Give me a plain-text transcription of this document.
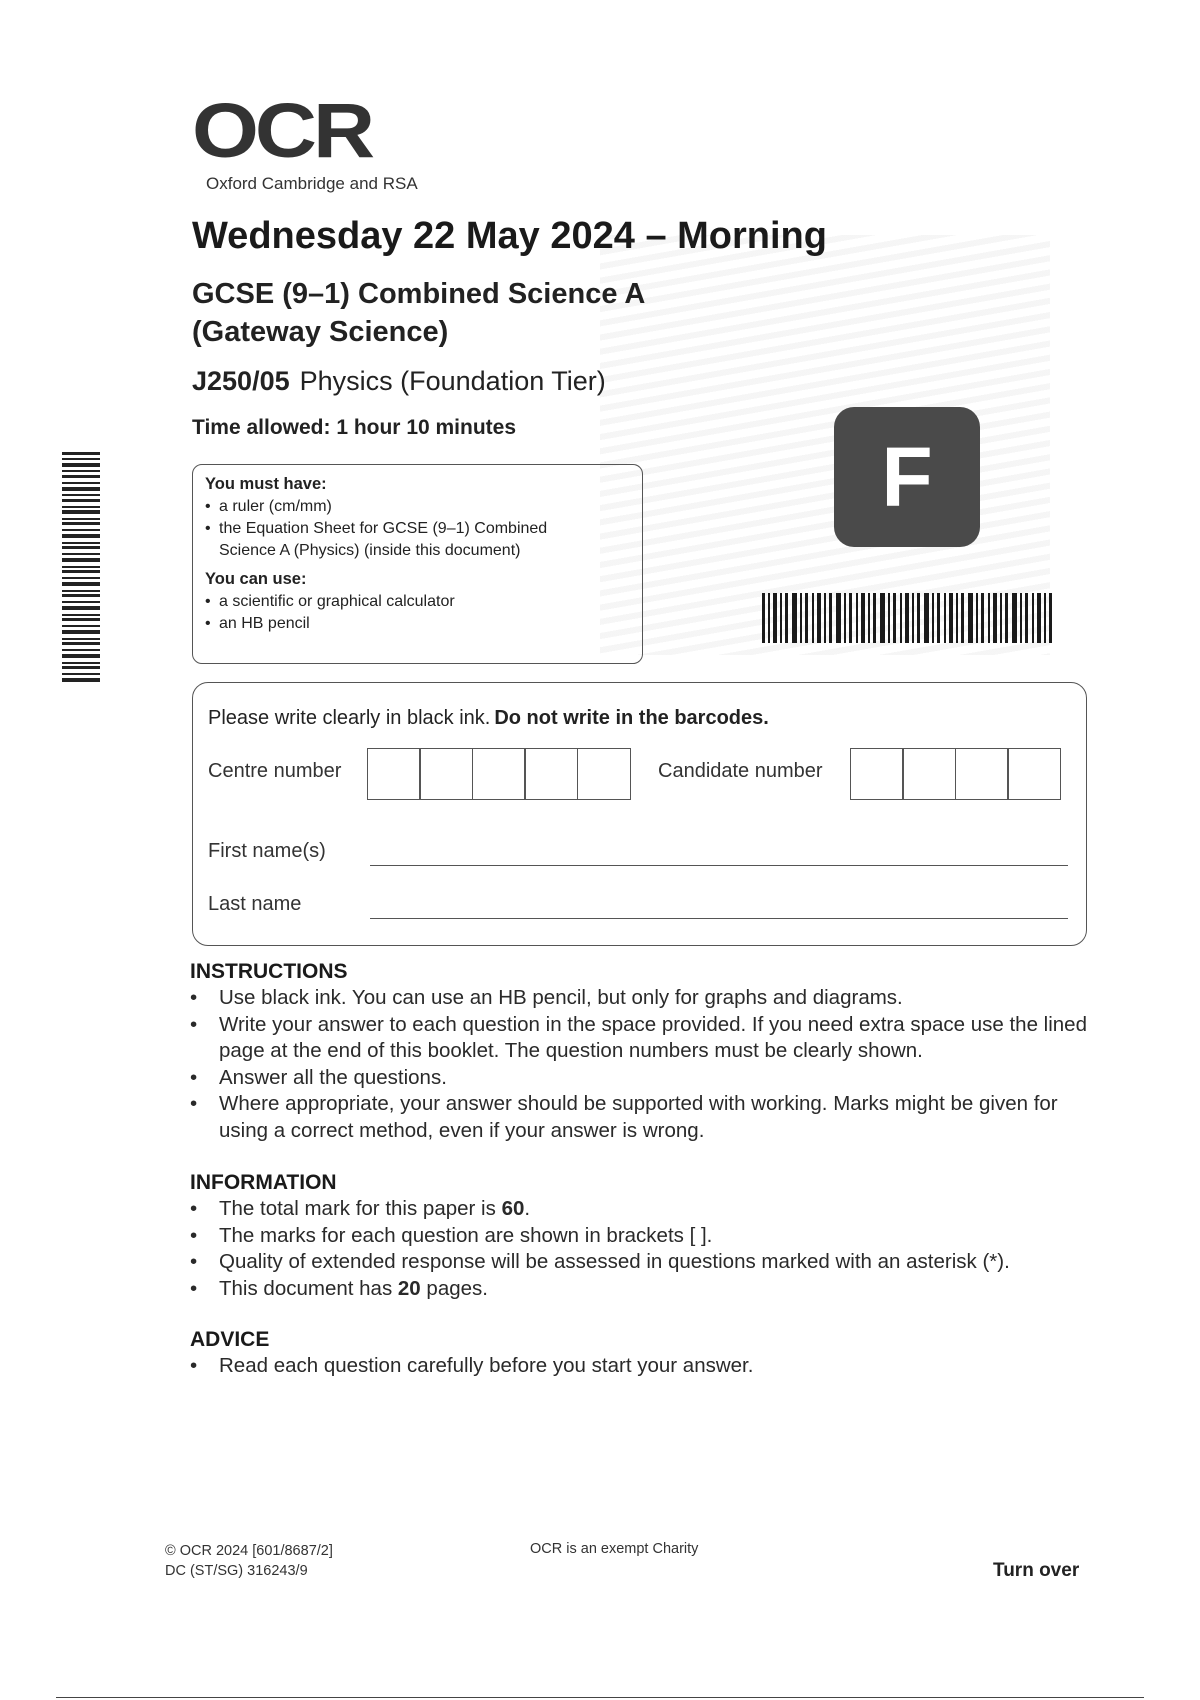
OCR
Oxford Cambridge and RSA
Wednesday 22 May 2024 – Morning
GCSE (9–1) Combined Science A
(Gateway Science)
J250/05 Physics (Foundation Tier)
Time allowed: 1 hour 10 minutes
F
You must have:
• a ruler (cm/mm)
• the Equation Sheet for GCSE (9–1) Combined
Science A (Physics) (inside this document)
You can use:
• a scientific or graphical calculator
• an HB pencil
Please write clearly in black ink. Do not write in the barcodes.
Centre number	Candidate number
First name(s)
Last name
INSTRUCTIONS
• Use black ink. You can use an HB pencil, but only for graphs and diagrams.
• Write your answer to each question in the space provided. If you need extra space use the lined page at the end of this booklet. The question numbers must be clearly shown.
• Answer all the questions.
• Where appropriate, your answer should be supported with working. Marks might be given for using a correct method, even if your answer is wrong.
INFORMATION
• The total mark for this paper is 60.
• The marks for each question are shown in brackets [ ].
• Quality of extended response will be assessed in questions marked with an asterisk (*).
• This document has 20 pages.
ADVICE
• Read each question carefully before you start your answer.
© OCR 2024 [601/8687/2]
DC (ST/SG) 316243/9
OCR is an exempt Charity
Turn over
